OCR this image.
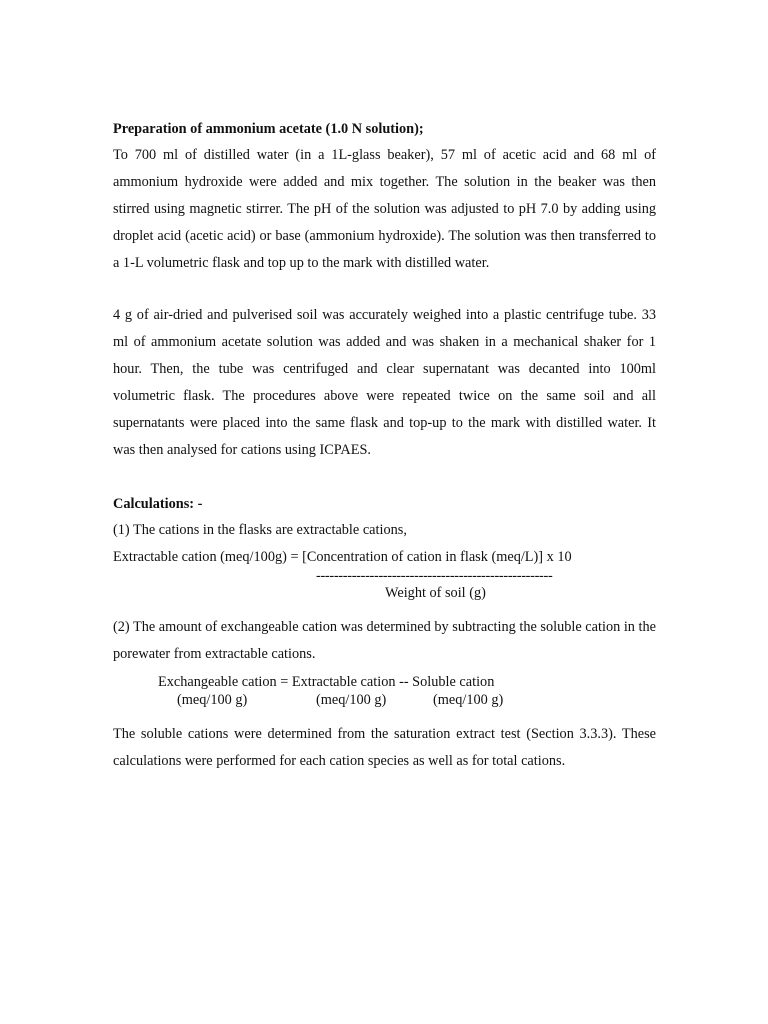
Preparation of ammonium acetate (1.0 N solution);

To 700 ml of distilled water (in a 1L-glass beaker), 57 ml of acetic acid and 68 ml of ammonium hydroxide were added and mix together. The solution in the beaker was then stirred using magnetic stirrer. The pH of the solution was adjusted to pH 7.0 by adding using droplet acid (acetic acid) or base (ammonium hydroxide). The solution was then transferred to a 1-L volumetric flask and top up to the mark with distilled water.

4 g of air-dried and pulverised soil was accurately weighed into a plastic centrifuge tube. 33 ml of ammonium acetate solution was added and was shaken in a mechanical shaker for 1 hour. Then, the tube was centrifuged and clear supernatant was decanted into 100ml volumetric flask. The procedures above were repeated twice on the same soil and all supernatants were placed into the same flask and top-up to the mark with distilled water. It was then analysed for cations using ICPAES.

Calculations: -
(1) The cations in the flasks are extractable cations,
Extractable cation (meq/100g) = [Concentration of cation in flask (meq/L)] x 10
-----------------------------------------------------
Weight of soil (g)

(2) The amount of exchangeable cation was determined by subtracting the soluble cation in the porewater from extractable cations.

Exchangeable cation = Extractable cation -- Soluble cation
(meq/100 g)	(meq/100 g)	(meq/100 g)

The soluble cations were determined from the saturation extract test (Section 3.3.3). These calculations were performed for each cation species as well as for total cations.
